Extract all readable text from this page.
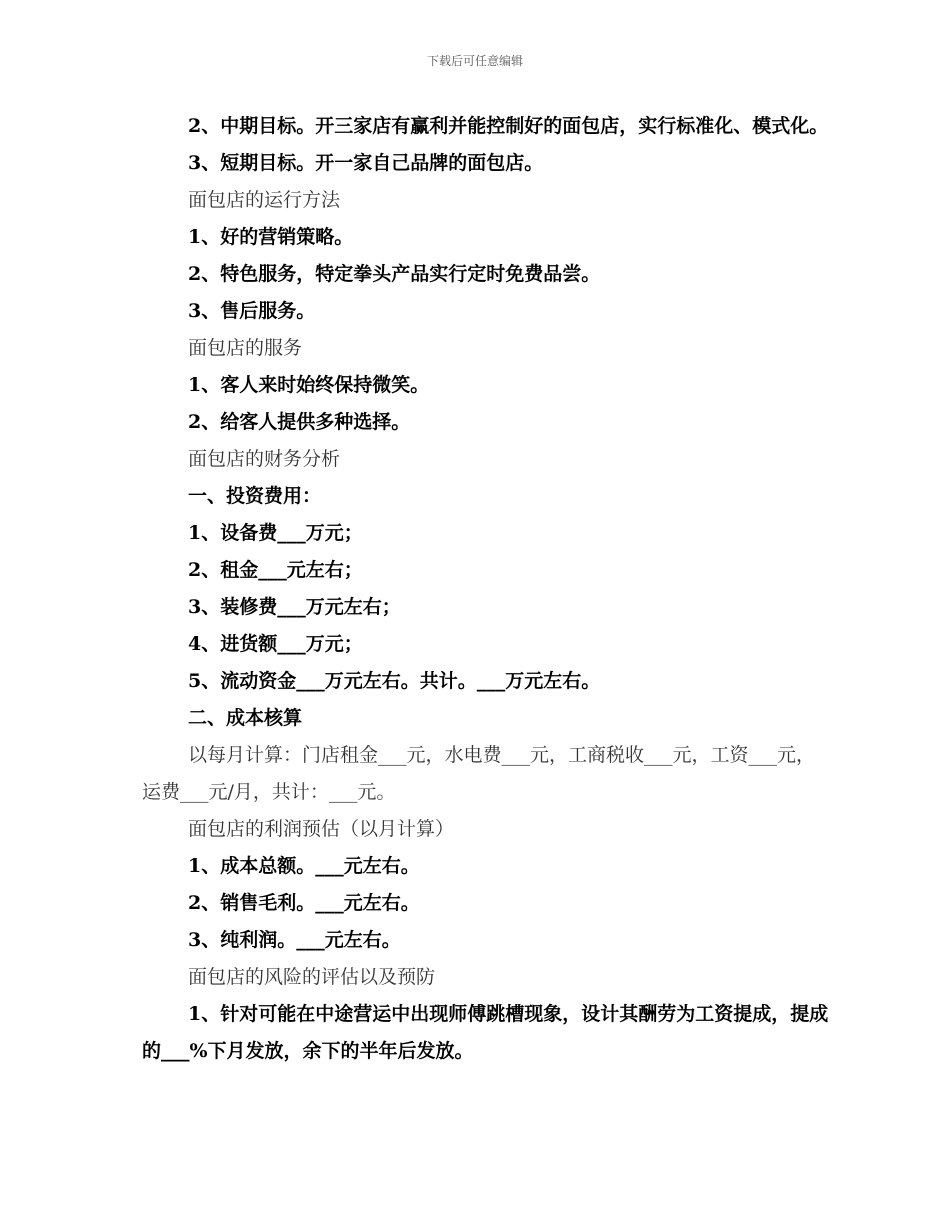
下载后可任意编辑

2、中期目标。开三家店有赢利并能控制好的面包店，实行标准化、模式化。

3、短期目标。开一家自己品牌的面包店。

面包店的运行方法

1、好的营销策略。

2、特色服务，特定拳头产品实行定时免费品尝。

3、售后服务。

面包店的服务

1、客人来时始终保持微笑。

2、给客人提供多种选择。

面包店的财务分析

一、投资费用：

1、设备费___万元；

2、租金___元左右；

3、装修费___万元左右；

4、进货额___万元；

5、流动资金___万元左右。共计。___万元左右。

二、成本核算

以每月计算：门店租金___元，水电费___元，工商税收___元，工资___元，运费___元/月，共计：___元。

面包店的利润预估（以月计算）

1、成本总额。___元左右。

2、销售毛利。___元左右。

3、纯利润。___元左右。

面包店的风险的评估以及预防

1、针对可能在中途营运中出现师傅跳槽现象，设计其酬劳为工资提成，提成的___%下月发放，余下的半年后发放。
